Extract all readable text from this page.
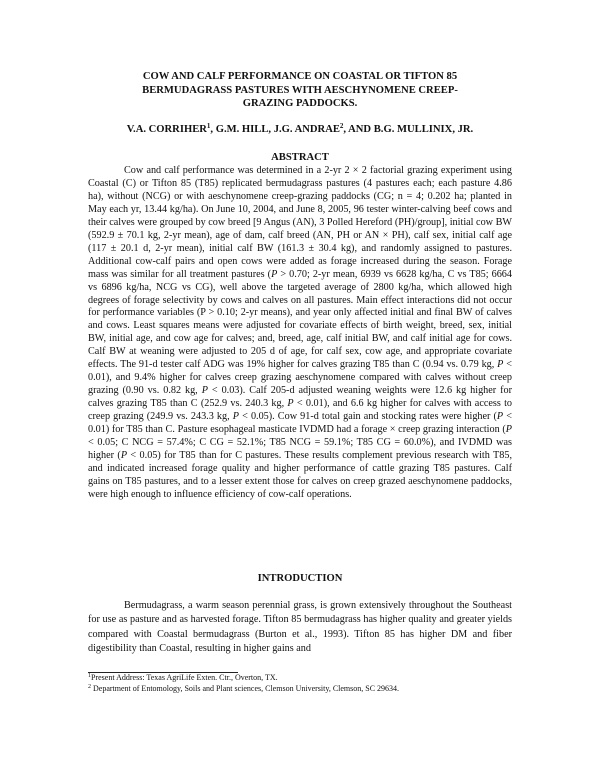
COW AND CALF PERFORMANCE ON COASTAL OR TIFTON 85 BERMUDAGRASS PASTURES WITH AESCHYNOMENE CREEP-GRAZING PADDOCKS.
V.A. CORRIHER$^1$, G.M. HILL, J.G. ANDRAE$^2$, AND B.G. MULLINIX, JR.
ABSTRACT

Cow and calf performance was determined in a 2-yr 2 × 2 factorial grazing experiment using Coastal (C) or Tifton 85 (T85) replicated bermudagrass pastures (4 pastures each; each pasture 4.86 ha), without (NCG) or with aeschynomene creep-grazing paddocks (CG; n = 4; 0.202 ha; planted in May each yr, 13.44 kg/ha). On June 10, 2004, and June 8, 2005, 96 tester winter-calving beef cows and their calves were grouped by cow breed [9 Angus (AN), 3 Polled Hereford (PH)/group], initial cow BW (592.9 ± 70.1 kg, 2-yr mean), age of dam, calf breed (AN, PH or AN × PH), calf sex, initial calf age (117 ± 20.1 d, 2-yr mean), initial calf BW (161.3 ± 30.4 kg), and randomly assigned to pastures. Additional cow-calf pairs and open cows were added as forage increased during the season. Forage mass was similar for all treatment pastures (P > 0.70; 2-yr mean, 6939 vs 6628 kg/ha, C vs T85; 6664 vs 6896 kg/ha, NCG vs CG), well above the targeted average of 2800 kg/ha, which allowed high degrees of forage selectivity by cows and calves on all pastures. Main effect interactions did not occur for performance variables (P > 0.10; 2-yr means), and year only affected initial and final BW of calves and cows. Least squares means were adjusted for covariate effects of birth weight, breed, sex, initial BW, initial age, and cow age for calves; and, breed, age, calf initial BW, and calf initial age for cows. Calf BW at weaning were adjusted to 205 d of age, for calf sex, cow age, and appropriate covariate effects. The 91-d tester calf ADG was 19% higher for calves grazing T85 than C (0.94 vs. 0.79 kg, P < 0.01), and 9.4% higher for calves creep grazing aeschynomene compared with calves without creep grazing (0.90 vs. 0.82 kg, P < 0.03). Calf 205-d adjusted weaning weights were 12.6 kg higher for calves grazing T85 than C (252.9 vs. 240.3 kg, P < 0.01), and 6.6 kg higher for calves with access to creep grazing (249.9 vs. 243.3 kg, P < 0.05). Cow 91-d total gain and stocking rates were higher (P < 0.01) for T85 than C. Pasture esophageal masticate IVDMD had a forage × creep grazing interaction (P < 0.05; C NCG = 57.4%; C CG = 52.1%; T85 NCG = 59.1%; T85 CG = 60.0%), and IVDMD was higher (P < 0.05) for T85 than for C pastures. These results complement previous research with T85, and indicated increased forage quality and higher performance of cattle grazing T85 pastures. Calf gains on T85 pastures, and to a lesser extent those for calves on creep grazed aeschynomene paddocks, were high enough to influence efficiency of cow-calf operations.

INTRODUCTION

Bermudagrass, a warm season perennial grass, is grown extensively throughout the Southeast for use as pasture and as harvested forage. Tifton 85 bermudagrass has higher quality and greater yields compared with Coastal bermudagrass (Burton et al., 1993). Tifton 85 has higher DM and fiber digestibility than Coastal, resulting in higher gains and

$^1$Present Address: Texas AgriLife Exten. Ctr., Overton, TX.
$^2$ Department of Entomology, Soils and Plant sciences, Clemson University, Clemson, SC 29634.
